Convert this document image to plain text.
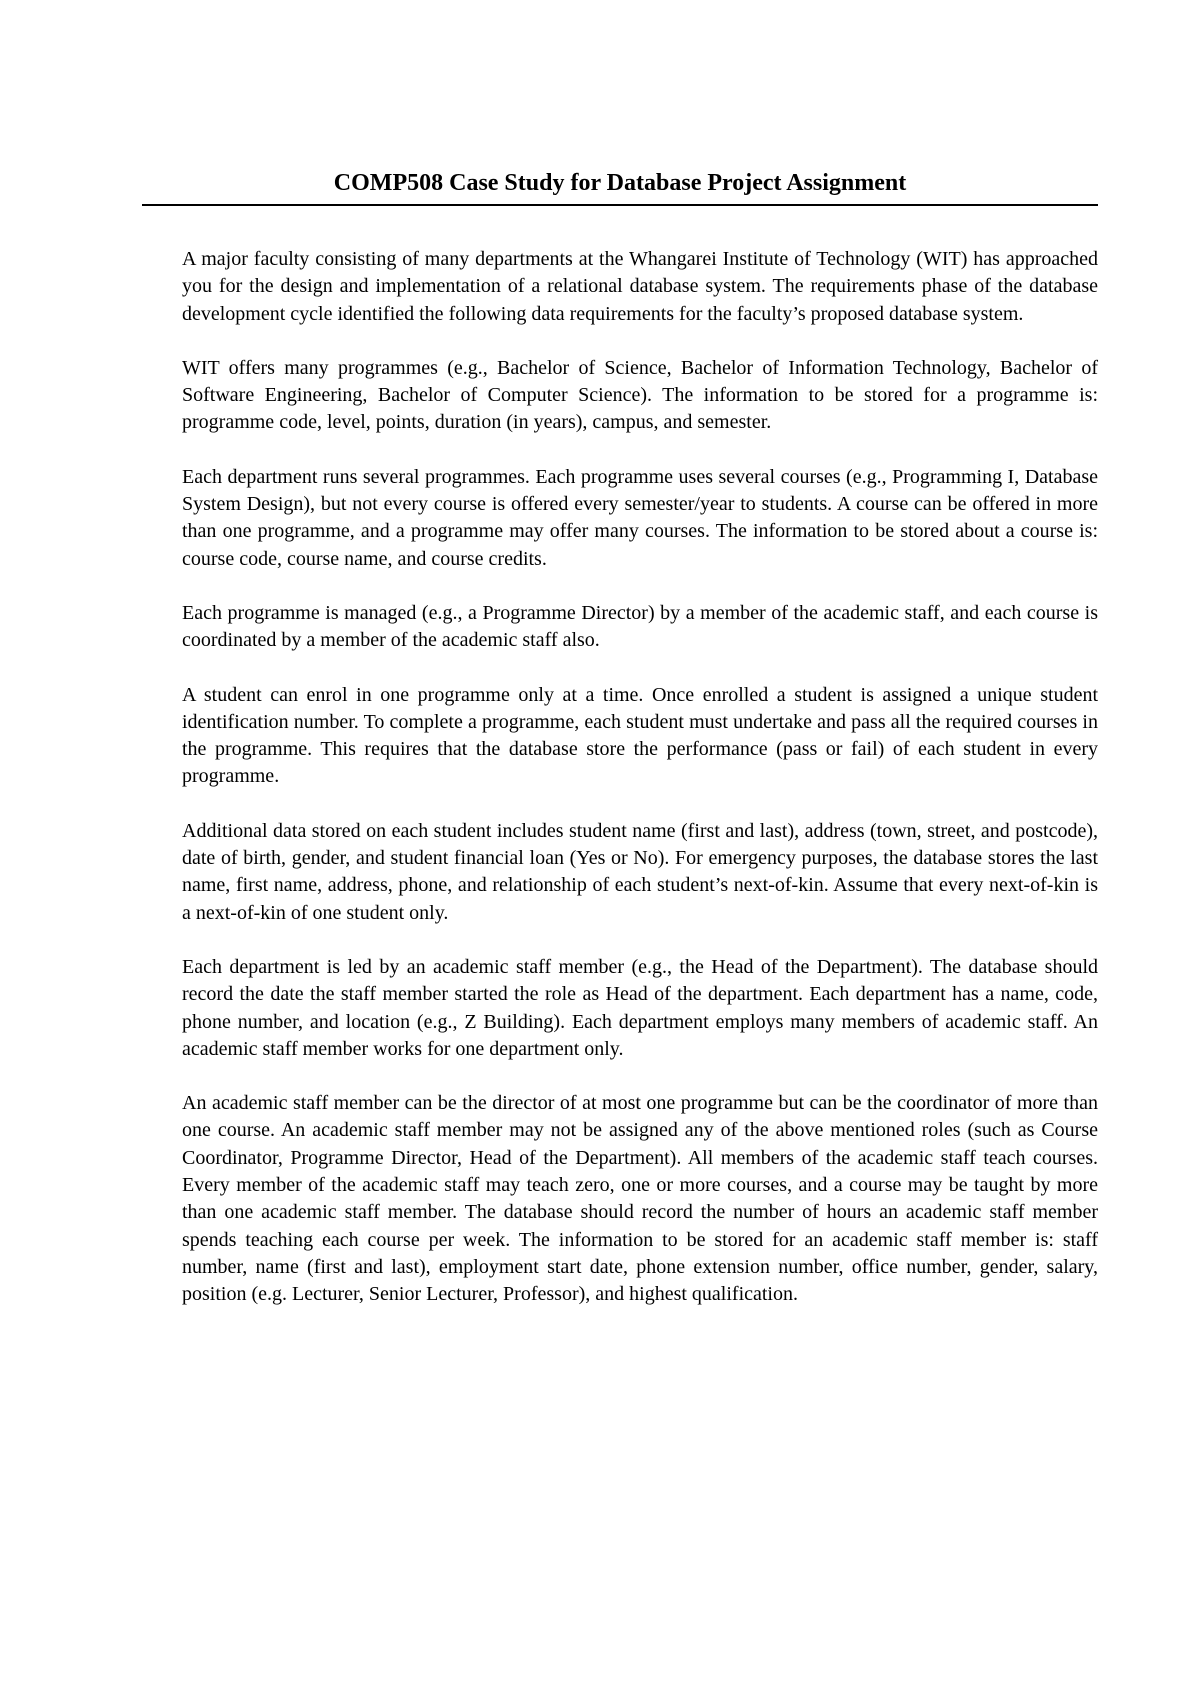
COMP508 Case Study for Database Project Assignment

A major faculty consisting of many departments at the Whangarei Institute of Technology (WIT) has approached you for the design and implementation of a relational database system. The requirements phase of the database development cycle identified the following data requirements for the faculty’s proposed database system.

WIT offers many programmes (e.g., Bachelor of Science, Bachelor of Information Technology, Bachelor of Software Engineering, Bachelor of Computer Science). The information to be stored for a programme is: programme code, level, points, duration (in years), campus, and semester.

Each department runs several programmes. Each programme uses several courses (e.g., Programming I, Database System Design), but not every course is offered every semester/year to students. A course can be offered in more than one programme, and a programme may offer many courses. The information to be stored about a course is: course code, course name, and course credits.

Each programme is managed (e.g., a Programme Director) by a member of the academic staff, and each course is coordinated by a member of the academic staff also.

A student can enrol in one programme only at a time. Once enrolled a student is assigned a unique student identification number. To complete a programme, each student must undertake and pass all the required courses in the programme. This requires that the database store the performance (pass or fail) of each student in every programme.

Additional data stored on each student includes student name (first and last), address (town, street, and postcode), date of birth, gender, and student financial loan (Yes or No). For emergency purposes, the database stores the last name, first name, address, phone, and relationship of each student’s next-of-kin. Assume that every next-of-kin is a next-of-kin of one student only.

Each department is led by an academic staff member (e.g., the Head of the Department). The database should record the date the staff member started the role as Head of the department. Each department has a name, code, phone number, and location (e.g., Z Building). Each department employs many members of academic staff. An academic staff member works for one department only.

An academic staff member can be the director of at most one programme but can be the coordinator of more than one course. An academic staff member may not be assigned any of the above mentioned roles (such as Course Coordinator, Programme Director, Head of the Department). All members of the academic staff teach courses. Every member of the academic staff may teach zero, one or more courses, and a course may be taught by more than one academic staff member. The database should record the number of hours an academic staff member spends teaching each course per week. The information to be stored for an academic staff member is: staff number, name (first and last), employment start date, phone extension number, office number, gender, salary, position (e.g. Lecturer, Senior Lecturer, Professor), and highest qualification.
